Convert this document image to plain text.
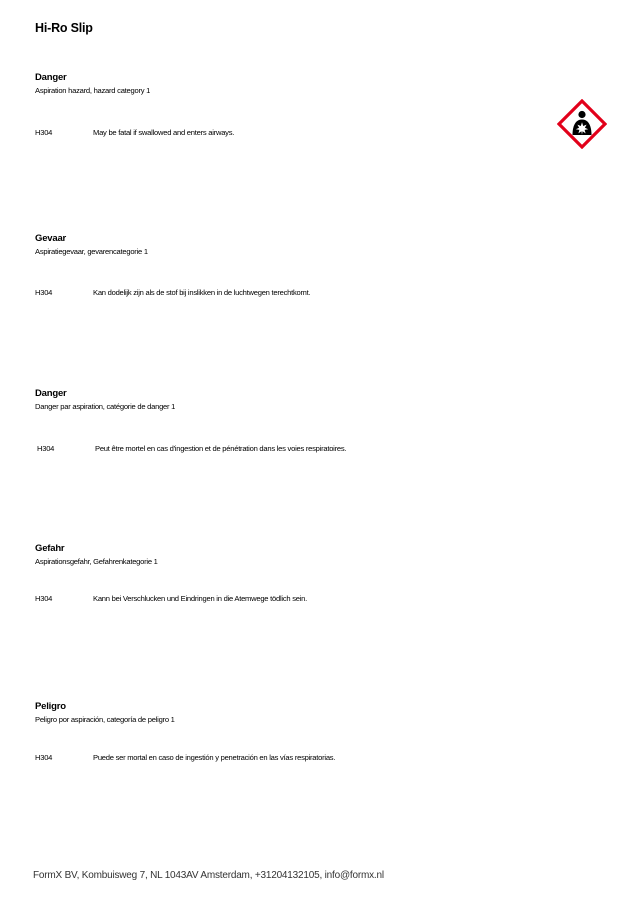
Hi-Ro Slip
Danger
Aspiration hazard, hazard category 1
H304	May be fatal if swallowed and enters airways.
Gevaar
Aspiratiegevaar, gevarencategorie 1
H304	Kan dodelijk zijn als de stof bij inslikken in de luchtwegen terechtkomt.
Danger
Danger par aspiration, catégorie de danger 1
H304	Peut être mortel en cas d'ingestion et de pénétration dans les voies respiratoires.
Gefahr
Aspirationsgefahr, Gefahrenkategorie 1
H304	Kann bei Verschlucken und Eindringen in die Atemwege tödlich sein.
Peligro
Peligro por aspiración, categoría de peligro 1
H304	Puede ser mortal en caso de ingestión y penetración en las vías respiratorias.
FormX BV, Kombuisweg 7, NL 1043AV Amsterdam, +31204132105, info@formx.nl
